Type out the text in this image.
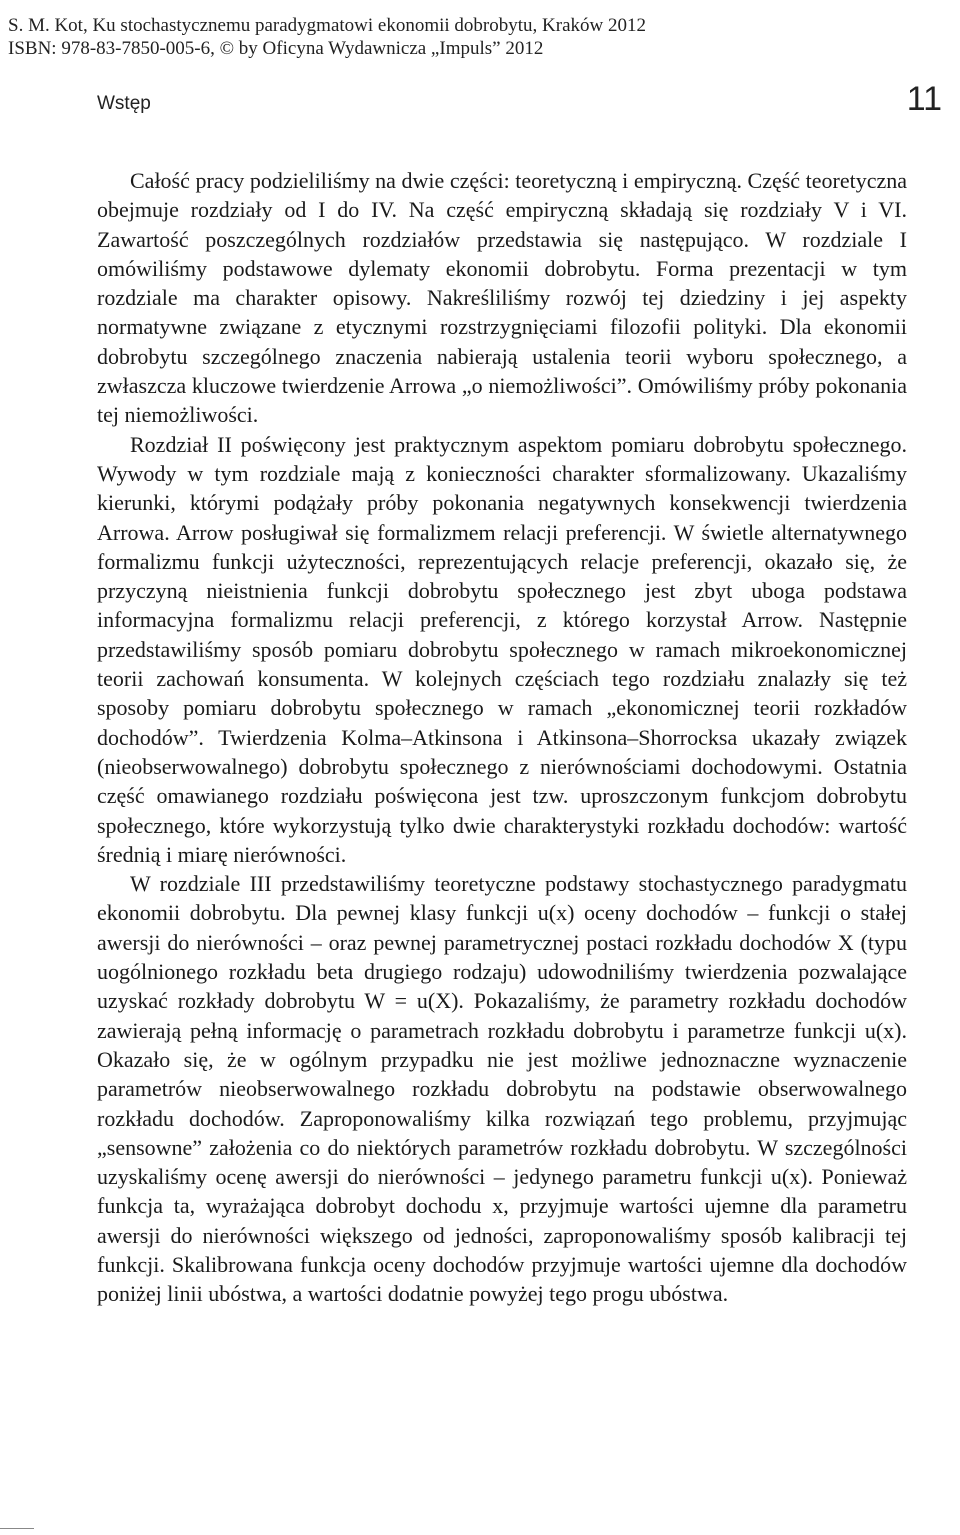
S. M. Kot, Ku stochastycznemu paradygmatowi ekonomii dobrobytu, Kraków 2012
ISBN: 978-83-7850-005-6, © by Oficyna Wydawnicza „Impuls” 2012
Wstęp	11

Całość pracy podzieliliśmy na dwie części: teoretyczną i empiryczną. Część teoretyczna obejmuje rozdziały od I do IV. Na część empiryczną składają się rozdziały V i VI. Zawartość poszczególnych rozdziałów przedstawia się następująco. W rozdziale I omówiliśmy podstawowe dylematy ekonomii dobrobytu. Forma prezentacji w tym rozdziale ma charakter opisowy. Nakreśliliśmy rozwój tej dziedziny i jej aspekty normatywne związane z etycznymi rozstrzygnięciami filozofii polityki. Dla ekonomii dobrobytu szczególnego znaczenia nabierają ustalenia teorii wyboru społecznego, a zwłaszcza kluczowe twierdzenie Arrowa „o niemożliwości”. Omówiliśmy próby pokonania tej niemożliwości.

Rozdział II poświęcony jest praktycznym aspektom pomiaru dobrobytu społecznego. Wywody w tym rozdziale mają z konieczności charakter sformalizowany. Ukazaliśmy kierunki, którymi podążały próby pokonania negatywnych konsekwencji twierdzenia Arrowa. Arrow posługiwał się formalizmem relacji preferencji. W świetle alternatywnego formalizmu funkcji użyteczności, reprezentujących relacje preferencji, okazało się, że przyczyną nieistnienia funkcji dobrobytu społecznego jest zbyt uboga podstawa informacyjna formalizmu relacji preferencji, z którego korzystał Arrow. Następnie przedstawiliśmy sposób pomiaru dobrobytu społecznego w ramach mikroekonomicznej teorii zachowań konsumenta. W kolejnych częściach tego rozdziału znalazły się też sposoby pomiaru dobrobytu społecznego w ramach „ekonomicznej teorii rozkładów dochodów”. Twierdzenia Kolma–Atkinsona i Atkinsona–Shorrocksa ukazały związek (nieobserwowalnego) dobrobytu społecznego z nierównościami dochodowymi. Ostatnia część omawianego rozdziału poświęcona jest tzw. uproszczonym funkcjom dobrobytu społecznego, które wykorzystują tylko dwie charakterystyki rozkładu dochodów: wartość średnią i miarę nierówności.

W rozdziale III przedstawiliśmy teoretyczne podstawy stochastycznego paradygmatu ekonomii dobrobytu. Dla pewnej klasy funkcji u(x) oceny dochodów – funkcji o stałej awersji do nierówności – oraz pewnej parametrycznej postaci rozkładu dochodów X (typu uogólnionego rozkładu beta drugiego rodzaju) udowodniliśmy twierdzenia pozwalające uzyskać rozkłady dobrobytu W = u(X). Pokazaliśmy, że parametry rozkładu dochodów zawierają pełną informację o parametrach rozkładu dobrobytu i parametrze funkcji u(x). Okazało się, że w ogólnym przypadku nie jest możliwe jednoznaczne wyznaczenie parametrów nieobserwowalnego rozkładu dobrobytu na podstawie obserwowalnego rozkładu dochodów. Zaproponowaliśmy kilka rozwiązań tego problemu, przyjmując „sensowne” założenia co do niektórych parametrów rozkładu dobrobytu. W szczególności uzyskaliśmy ocenę awersji do nierówności – jedynego parametru funkcji u(x). Ponieważ funkcja ta, wyrażająca dobrobyt dochodu x, przyjmuje wartości ujemne dla parametru awersji do nierówności większego od jedności, zaproponowaliśmy sposób kalibracji tej funkcji. Skalibrowana funkcja oceny dochodów przyjmuje wartości ujemne dla dochodów poniżej linii ubóstwa, a wartości dodatnie powyżej tego progu ubóstwa.
